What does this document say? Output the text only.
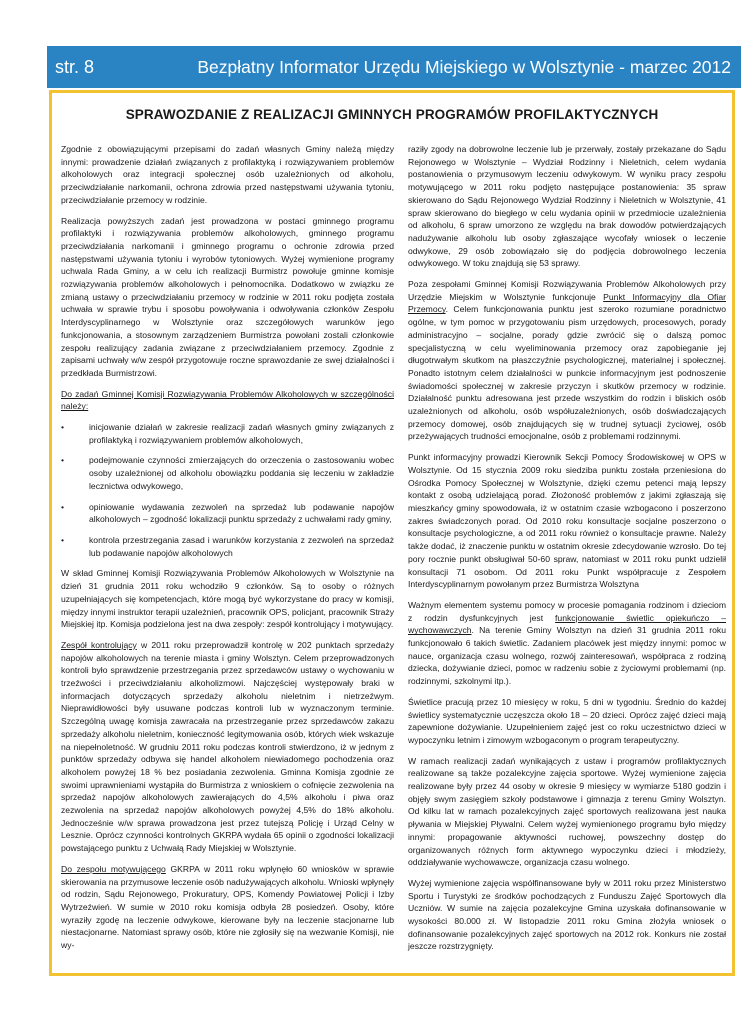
str. 8	Bezpłatny Informator Urzędu Miejskiego w Wolsztynie - marzec 2012
SPRAWOZDANIE Z REALIZACJI GMINNYCH PROGRAMÓW PROFILAKTYCZNYCH

Zgodnie z obowiązującymi przepisami do zadań własnych Gminy należą między innymi: prowadzenie działań związanych z profilaktyką i rozwiązywaniem problemów alkoholowych oraz integracji społecznej osób uzależnionych od alkoholu, przeciwdziałanie narkomanii, ochrona zdrowia przed następstwami używania tytoniu, przeciwdziałanie przemocy w rodzinie.

Realizacja powyższych zadań jest prowadzona w postaci gminnego programu profilaktyki i rozwiązywania problemów alkoholowych, gminnego programu przeciwdziałania narkomanii i gminnego programu o ochronie zdrowia przed następstwami używania tytoniu i wyrobów tytoniowych. Wyżej wymienione programy uchwala Rada Gminy, a w celu ich realizacji Burmistrz powołuje gminne komisje rozwiązywania problemów alkoholowych i pełnomocnika. Dodatkowo w związku ze zmianą ustawy o przeciwdziałaniu przemocy w rodzinie w 2011 roku podjęta została uchwała w sprawie trybu i sposobu powoływania i odwoływania członków Zespołu Interdyscyplinarnego w Wolsztynie oraz szczegółowych warunków jego funkcjonowania, a stosownym zarządzeniem Burmistrza powołani zostali członkowie zespołu realizujący zadania związane z przeciwdziałaniem przemocy. Zgodnie z zapisami uchwały w/w zespół przygotowuje roczne sprawozdanie ze swej działalności i przedkłada Burmistrzowi.

Do zadań Gminnej Komisji Rozwiązywania Problemów Alkoholowych w szczególności należy:

•	inicjowanie działań w zakresie realizacji zadań własnych gminy związanych z profilaktyką i rozwiązywaniem problemów alkoholowych,
•	podejmowanie czynności zmierzających do orzeczenia o zastosowaniu wobec osoby uzależnionej od alkoholu obowiązku poddania się leczeniu w zakładzie lecznictwa odwykowego,
•	opiniowanie wydawania zezwoleń na sprzedaż lub podawanie napojów alkoholowych – zgodność lokalizacji punktu sprzedaży z uchwałami rady gminy,
•	kontrola przestrzegania zasad i warunków korzystania z zezwoleń na sprzedaż lub podawanie napojów alkoholowych

W skład Gminnej Komisji Rozwiązywania Problemów Alkoholowych w Wolsztynie na dzień 31 grudnia 2011 roku wchodziło 9 członków. Są to osoby o różnych uzupełniających się kompetencjach, które mogą być wykorzystane do pracy w komisji, między innymi instruktor terapii uzależnień, pracownik OPS, policjant, pracownik Straży Miejskiej itp. Komisja podzielona jest na dwa zespoły: zespół kontrolujący i motywujący.

Zespół kontrolujący w 2011 roku przeprowadził kontrolę w 202 punktach sprzedaży napojów alkoholowych na terenie miasta i gminy Wolsztyn. Celem przeprowadzonych kontroli było sprawdzenie przestrzegania przez sprzedawców ustawy o wychowaniu w trzeźwości i przeciwdziałaniu alkoholizmowi. Najczęściej występowały braki w informacjach dotyczących sprzedaży alkoholu nieletnim i nietrzeźwym. Nieprawidłowości były usuwane podczas kontroli lub w wyznaczonym terminie. Szczególną uwagę komisja zawracała na przestrzeganie przez sprzedawców zakazu sprzedaży alkoholu nieletnim, konieczność legitymowania osób, których wiek wskazuje na niepełnoletność. W grudniu 2011 roku podczas kontroli stwierdzono, iż w jednym z punktów sprzedaży odbywa się handel alkoholem niewiadomego pochodzenia oraz alkoholem powyżej 18 % bez posiadania zezwolenia. Gminna Komisja zgodnie ze swoimi uprawnieniami wystąpiła do Burmistrza z wnioskiem o cofnięcie zezwolenia na sprzedaż napojów alkoholowych zawierających do 4,5% alkoholu i piwa oraz zezwolenia na sprzedaż napojów alkoholowych powyżej 4,5% do 18% alkoholu. Jednocześnie w/w sprawa prowadzona jest przez tutejszą Policję i Urząd Celny w Lesznie. Oprócz czynności kontrolnych GKRPA wydała 65 opinii o zgodności lokalizacji powstającego punktu z Uchwałą Rady Miejskiej w Wolsztynie.

Do zespołu motywującego GKRPA w 2011 roku wpłynęło 60 wniosków w sprawie skierowania na przymusowe leczenie osób nadużywających alkoholu. Wnioski wpłynęły od rodzin, Sądu Rejonowego, Prokuratury, OPS, Komendy Powiatowej Policji i Izby Wytrzeźwień. W sumie w 2010 roku komisja odbyła 28 posiedzeń. Osoby, które wyraziły zgodę na leczenie odwykowe, kierowane były na leczenie stacjonarne lub niestacjonarne. Natomiast sprawy osób, które nie zgłosiły się na wezwanie Komisji, nie wy-

raziły zgody na dobrowolne leczenie lub je przerwały, zostały przekazane do Sądu Rejonowego w Wolsztynie – Wydział Rodzinny i Nieletnich, celem wydania postanowienia o przymusowym leczeniu odwykowym. W wyniku pracy zespołu motywującego w 2011 roku podjęto następujące postanowienia: 35 spraw skierowano do Sądu Rejonowego Wydział Rodzinny i Nieletnich w Wolsztynie, 41 spraw skierowano do biegłego w celu wydania opinii w przedmiocie uzależnienia od alkoholu, 6 spraw umorzono ze względu na brak dowodów potwierdzających nadużywanie alkoholu lub osoby zgłaszające wycofały wniosek o leczenie odwykowe, 29 osób zobowiązało się do podjęcia dobrowolnego leczenia odwykowego. W toku znajdują się 53 sprawy.

Poza zespołami Gminnej Komisji Rozwiązywania Problemów Alkoholowych przy Urzędzie Miejskim w Wolsztynie funkcjonuje Punkt Informacyjny dla Ofiar Przemocy. Celem funkcjonowania punktu jest szeroko rozumiane poradnictwo ogólne, w tym pomoc w przygotowaniu pism urzędowych, procesowych, porady administracyjno – socjalne, porady gdzie zwrócić się o dalszą pomoc specjalistyczną w celu wyeliminowania przemocy oraz zapobieganie jej długotrwałym skutkom na płaszczyźnie psychologicznej, materialnej i społecznej. Ponadto istotnym celem działalności w punkcie informacyjnym jest podnoszenie świadomości społecznej w zakresie przyczyn i skutków przemocy w rodzinie. Działalność punktu adresowana jest przede wszystkim do rodzin i bliskich osób uzależnionych od alkoholu, osób współuzależnionych, osób doświadczających przemocy domowej, osób znajdujących się w trudnej sytuacji życiowej, osób przeżywających trudności emocjonalne, osób z problemami rodzinnymi.

Punkt informacyjny prowadzi Kierownik Sekcji Pomocy Środowiskowej w OPS w Wolsztynie. Od 15 stycznia 2009 roku siedziba punktu została przeniesiona do Ośrodka Pomocy Społecznej w Wolsztynie, dzięki czemu petenci mają lepszy kontakt z osobą udzielającą porad. Złożoność problemów z jakimi zgłaszają się mieszkańcy gminy spowodowała, iż w ostatnim czasie wzbogacono i poszerzono zakres świadczonych porad. Od 2010 roku konsultacje socjalne poszerzono o konsultacje psychologiczne, a od 2011 roku również o konsultacje prawne. Należy także dodać, iż znaczenie punktu w ostatnim okresie zdecydowanie wzrosło. Do tej pory rocznie punkt obsługiwał 50-60 spraw, natomiast w 2011 roku punkt udzielił konsultacji 71 osobom. Od 2011 roku Punkt współpracuje z Zespołem Interdyscyplinarnym powołanym przez Burmistrza Wolsztyna

Ważnym elementem systemu pomocy w procesie pomagania rodzinom i dzieciom z rodzin dysfunkcyjnych jest funkcjonowanie świetlic opiekuńczo – wychowawczych. Na terenie Gminy Wolsztyn na dzień 31 grudnia 2011 roku funkcjonowało 6 takich świetlic. Zadaniem placówek jest między innymi: pomoc w nauce, organizacja czasu wolnego, rozwój zainteresowań, współpraca z rodziną dziecka, dożywianie dzieci, pomoc w radzeniu sobie z życiowymi problemami (np. rodzinnymi, szkolnymi itp.).

Świetlice pracują przez 10 miesięcy w roku, 5 dni w tygodniu. Średnio do każdej świetlicy systematycznie uczęszcza około 18 – 20 dzieci. Oprócz zajęć dzieci mają zapewnione dożywianie. Uzupełnieniem zajęć jest co roku uczestnictwo dzieci w wypoczynku letnim i zimowym wzbogaconym o program terapeutyczny.

W ramach realizacji zadań wynikających z ustaw i programów profilaktycznych realizowane są także pozalekcyjne zajęcia sportowe. Wyżej wymienione zajęcia realizowane były przez 44 osoby w okresie 9 miesięcy w wymiarze 5180 godzin i objęły swym zasięgiem szkoły podstawowe i gimnazja z terenu Gminy Wolsztyn. Od kilku lat w ramach pozalekcyjnych zajęć sportowych realizowana jest nauka pływania w Miejskiej Pływalni. Celem wyżej wymienionego programu było między innymi: propagowanie aktywności ruchowej, powszechny dostęp do organizowanych różnych form aktywnego wypoczynku dzieci i młodzieży, oddziaływanie wychowawcze, organizacja czasu wolnego.

Wyżej wymienione zajęcia współfinansowane były w 2011 roku przez Ministerstwo Sportu i Turystyki ze środków pochodzących z Funduszu Zajęć Sportowych dla Uczniów. W sumie na zajęcia pozalekcyjne Gmina uzyskała dofinansowanie w wysokości 80.000 zł. W listopadzie 2011 roku Gmina złożyła wniosek o dofinansowanie pozalekcyjnych zajęć sportowych na 2012 rok. Konkurs nie został jeszcze rozstrzygnięty.
